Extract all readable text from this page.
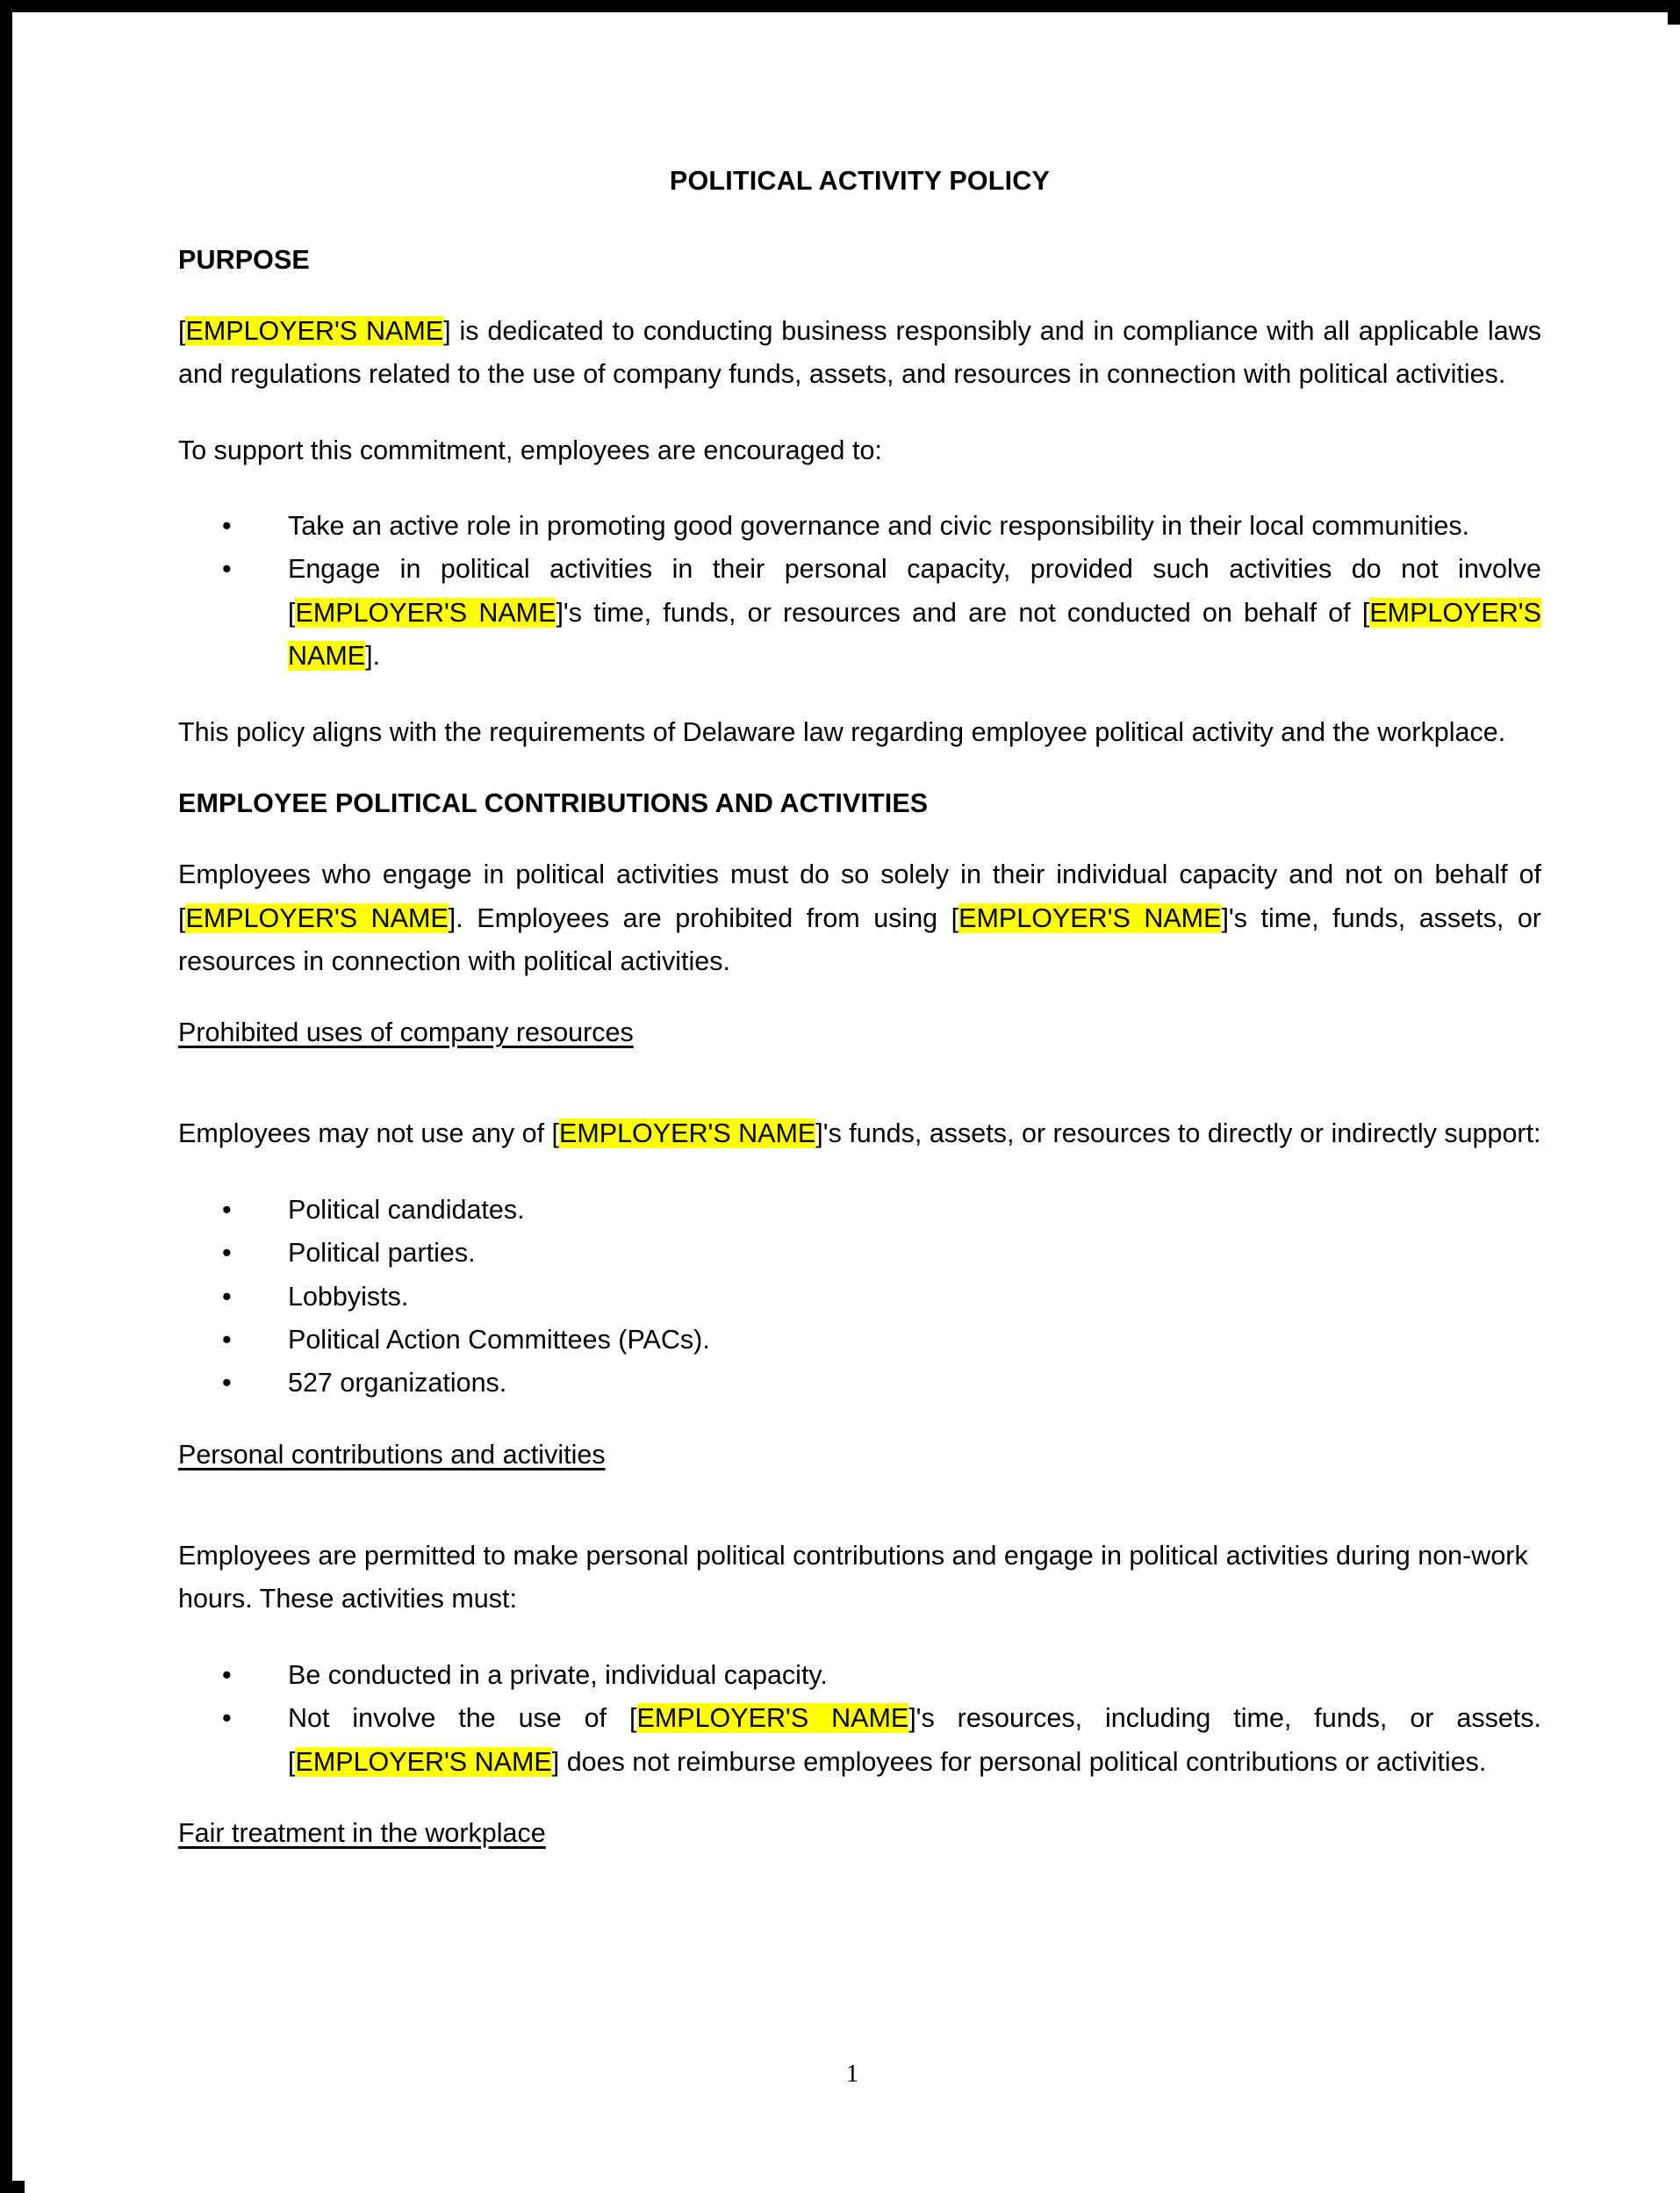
POLITICAL ACTIVITY POLICY
PURPOSE

[EMPLOYER'S NAME] is dedicated to conducting business responsibly and in compliance with all applicable laws and regulations related to the use of company funds, assets, and resources in connection with political activities.

To support this commitment, employees are encouraged to:

• Take an active role in promoting good governance and civic responsibility in their local communities.
• Engage in political activities in their personal capacity, provided such activities do not involve [EMPLOYER'S NAME]'s time, funds, or resources and are not conducted on behalf of [EMPLOYER'S NAME].

This policy aligns with the requirements of Delaware law regarding employee political activity and the workplace.

EMPLOYEE POLITICAL CONTRIBUTIONS AND ACTIVITIES

Employees who engage in political activities must do so solely in their individual capacity and not on behalf of [EMPLOYER'S NAME]. Employees are prohibited from using [EMPLOYER'S NAME]'s time, funds, assets, or resources in connection with political activities.

Prohibited uses of company resources

Employees may not use any of [EMPLOYER'S NAME]'s funds, assets, or resources to directly or indirectly support:

• Political candidates.
• Political parties.
• Lobbyists.
• Political Action Committees (PACs).
• 527 organizations.
Personal contributions and activities

Employees are permitted to make personal political contributions and engage in political activities during non-work hours. These activities must:

• Be conducted in a private, individual capacity.
• Not involve the use of [EMPLOYER'S NAME]'s resources, including time, funds, or assets. [EMPLOYER'S NAME] does not reimburse employees for personal political contributions or activities.
Fair treatment in the workplace
1
